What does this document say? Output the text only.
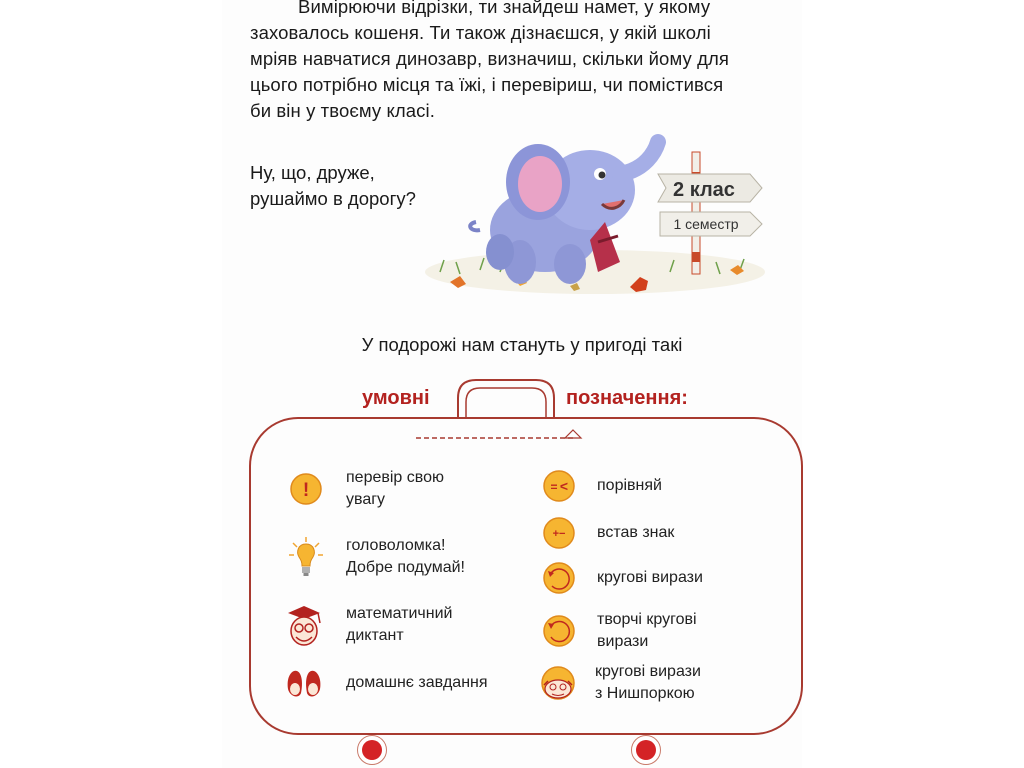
Вимірюючи відрізки, ти знайдеш намет, у якому
заховалось кошеня. Ти також дізнаєшся, у якій школі
мріяв навчатися динозавр, визначиш, скільки йому для
цього потрібно місця та їжі, і перевіриш, чи помістився
би він у твоєму класі.
Ну, що, друже,
рушаймо в дорогу?	2 клас
1 семестр
У подорожі нам стануть у пригоді такі
умовні	позначення:
!
перевір свою
увагу
головоломка!
Добре подумай!
математичний
диктант
домашнє завдання
= < порівняй
+− встав знак
кругові вирази
творчі кругові
вирази
кругові вирази
з Нишпоркою
